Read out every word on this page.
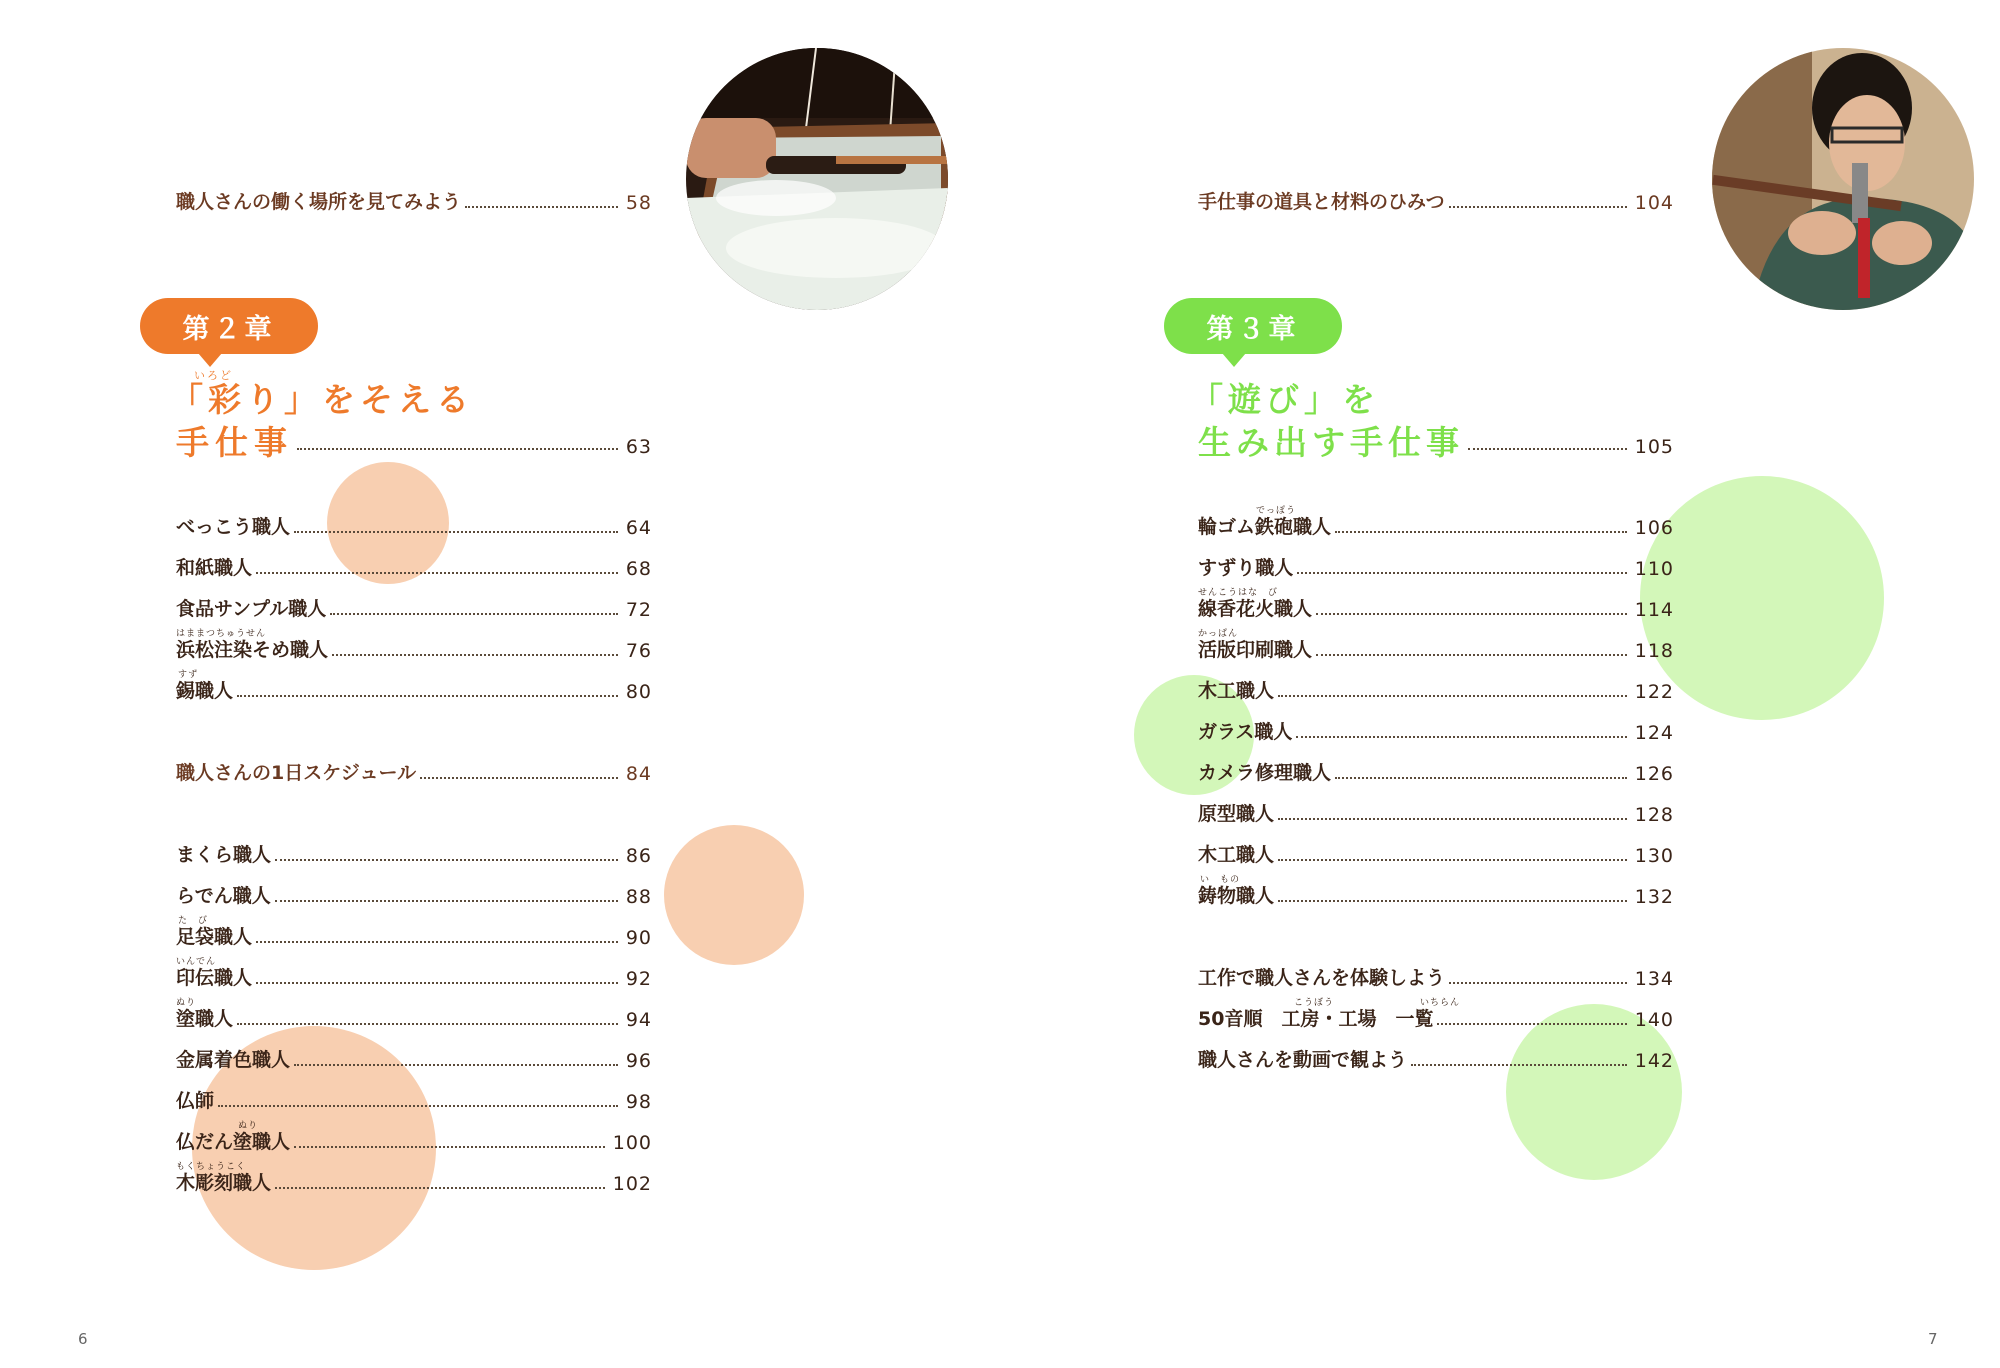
職人さんの働く場所を見てみよう	58
第２章
いろど
「彩り」をそえる
手仕事	63
べっこう職人	64
和紙職人	68
食品サンプル職人	72
はままつちゅうせん
浜松注染そめ職人	76
すず
錫職人	80
職人さんの1日スケジュール	84
まくら職人	86
らでん職人	88
た　び
足袋職人	90
いんでん
印伝職人	92
ぬり
塗職人	94
金属着色職人	96
仏師	98
ぬり
仏だん塗職人	100
もくちょうこく
木彫刻職人	102
6
手仕事の道具と材料のひみつ	104
第３章
「遊び」を
生み出す手仕事	105
でっぽう
輪ゴム鉄砲職人	106
すずり職人	110
せんこうはな　び
線香花火職人	114
かっぱん
活版印刷職人	118
木工職人	122
ガラス職人	124
カメラ修理職人	126
原型職人	128
木工職人	130
い　もの
鋳物職人	132
工作で職人さんを体験しよう	134
こうぼう	いちらん
50音順　工房・工場　一覧	140
職人さんを動画で観よう	142
7
